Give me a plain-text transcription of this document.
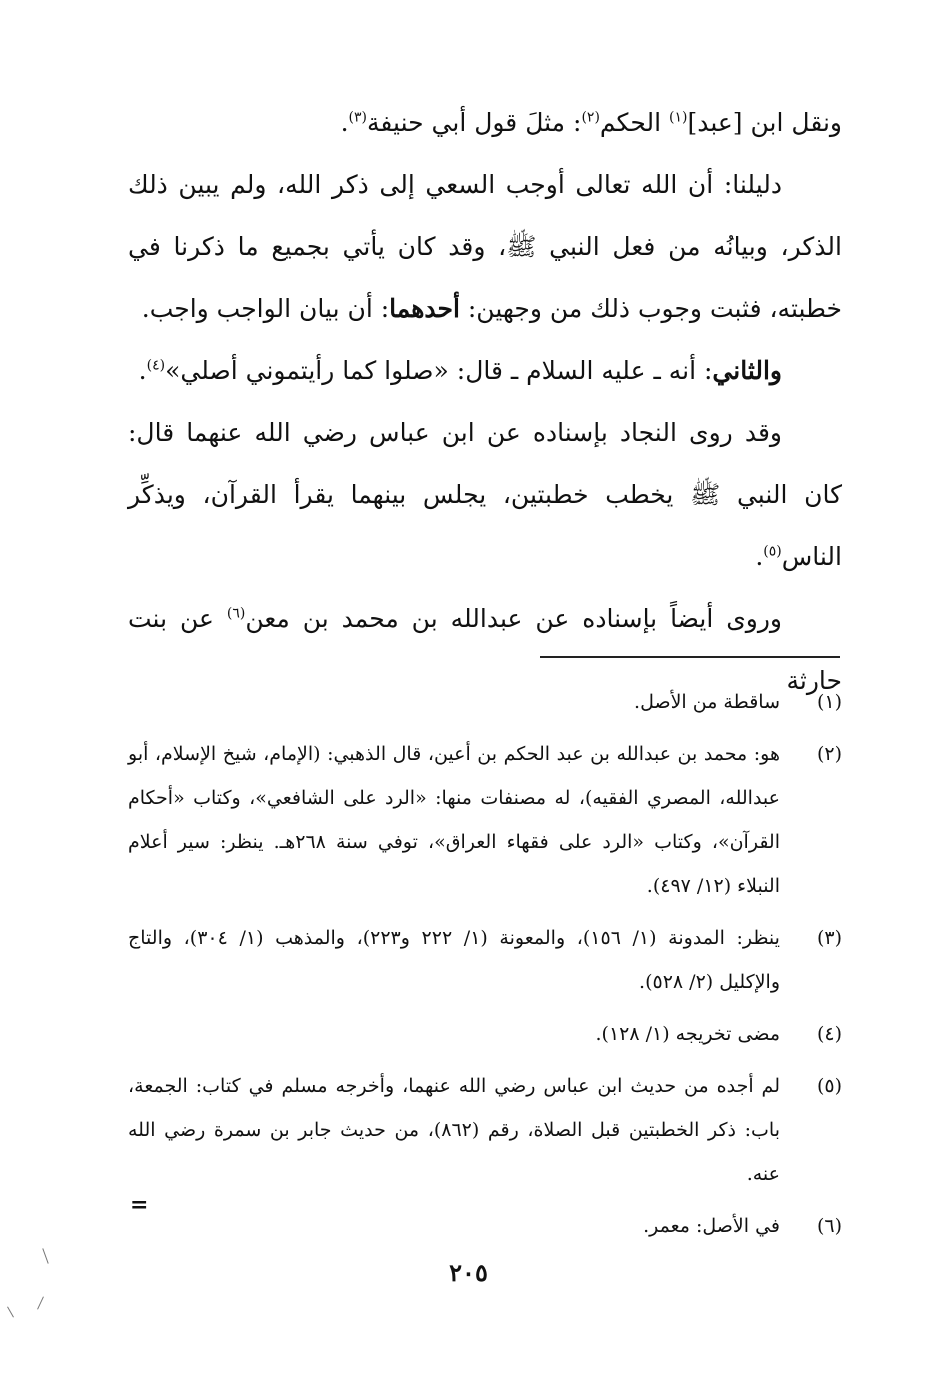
ونقل ابن [عبد]$^{(١)}$ الحكم$^{(٢)}$: مثلَ قول أبي حنيفة$^{(٣)}$.

دليلنا: أن الله تعالى أوجب السعي إلى ذكر الله، ولم يبين ذلك الذكر، وبيانُه من فعل النبي ﷺ، وقد كان يأتي بجميع ما ذكرنا في خطبته، فثبت وجوب ذلك من وجهين: أحدهما: أن بيان الواجب واجب.

والثاني: أنه ـ عليه السلام ـ قال: «صلوا كما رأيتموني أصلي»$^{(٤)}$.

وقد روى النجاد بإسناده عن ابن عباس رضي الله عنهما قال: كان النبي ﷺ يخطب خطبتين، يجلس بينهما يقرأ القرآن، ويذكِّر الناس$^{(٥)}$.

وروى أيضاً بإسناده عن عبدالله بن محمد بن معن$^{(٦)}$ عن بنت حارثة

(١)
ساقطة من الأصل.
(٢)
هو: محمد بن عبدالله بن عبد الحكم بن أعين، قال الذهبي: (الإمام، شيخ الإسلام، أبو عبدالله، المصري الفقيه)، له مصنفات منها: «الرد على الشافعي»، وكتاب «أحكام القرآن»، وكتاب «الرد على فقهاء العراق»، توفي سنة ٢٦٨هـ. ينظر: سير أعلام النبلاء (١٢/ ٤٩٧).
(٣)
ينظر: المدونة (١/ ١٥٦)، والمعونة (١/ ٢٢٢ و٢٢٣)، والمذهب (١/ ٣٠٤)، والتاج والإكليل (٢/ ٥٢٨).
(٤)
مضى تخريجه (١/ ١٢٨).
(٥)
لم أجده من حديث ابن عباس رضي الله عنهما، وأخرجه مسلم في كتاب: الجمعة، باب: ذكر الخطبتين قبل الصلاة، رقم (٨٦٢)، من حديث جابر بن سمرة رضي الله عنه.
(٦)
في الأصل: معمر.
=
٢٠٥
